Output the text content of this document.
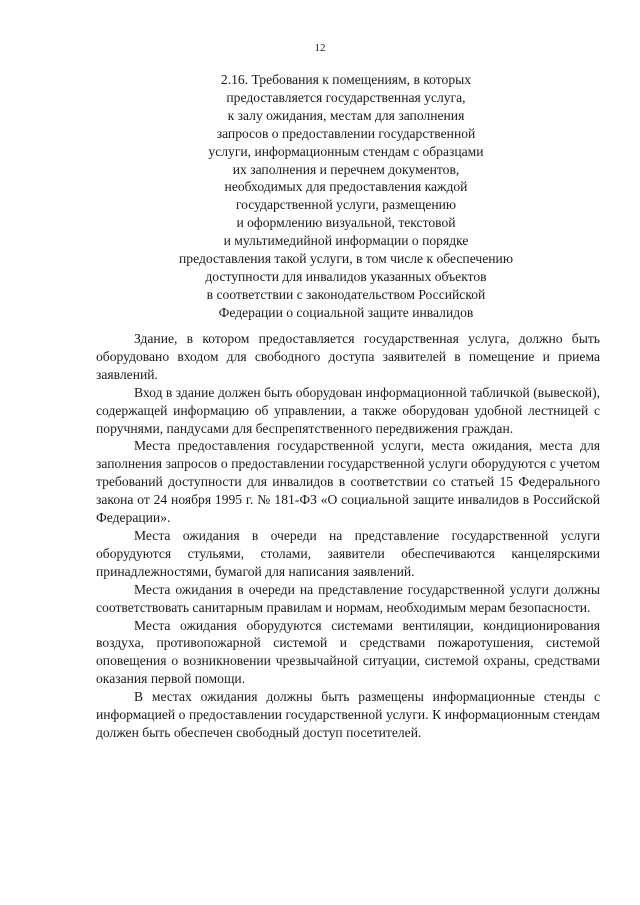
12
2.16. Требования к помещениям, в которых
предоставляется государственная услуга,
к залу ожидания, местам для заполнения
запросов о предоставлении государственной
услуги, информационным стендам с образцами
их заполнения и перечнем документов,
необходимых для предоставления каждой
государственной услуги, размещению
и оформлению визуальной, текстовой
и мультимедийной информации о порядке
предоставления такой услуги, в том числе к обеспечению
доступности для инвалидов указанных объектов
в соответствии с законодательством Российской
Федерации о социальной защите инвалидов

Здание, в котором предоставляется государственная услуга, должно быть оборудовано входом для свободного доступа заявителей в помещение и приема заявлений.

Вход в здание должен быть оборудован информационной табличкой (вывеской), содержащей информацию об управлении, а также оборудован удобной лестницей с поручнями, пандусами для беспрепятственного передвижения граждан.

Места предоставления государственной услуги, места ожидания, места для заполнения запросов о предоставлении государственной услуги оборудуются с учетом требований доступности для инвалидов в соответствии со статьей 15 Федерального закона от 24 ноября 1995 г. № 181-ФЗ «О социальной защите инвалидов в Российской Федерации».

Места ожидания в очереди на представление государственной услуги оборудуются стульями, столами, заявители обеспечиваются канцелярскими принадлежностями, бумагой для написания заявлений.

Места ожидания в очереди на представление государственной услуги должны соответствовать санитарным правилам и нормам, необходимым мерам безопасности.

Места ожидания оборудуются системами вентиляции, кондиционирования воздуха, противопожарной системой и средствами пожаротушения, системой оповещения о возникновении чрезвычайной ситуации, системой охраны, средствами оказания первой помощи.

В местах ожидания должны быть размещены информационные стенды с информацией о предоставлении государственной услуги. К информационным стендам должен быть обеспечен свободный доступ посетителей.
